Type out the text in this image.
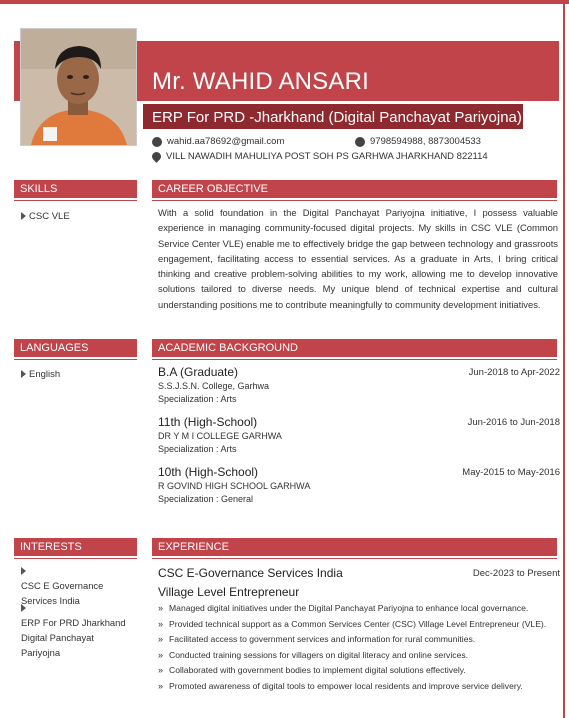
Mr. WAHID ANSARI
ERP For PRD -Jharkhand (Digital Panchayat Pariyojna)
wahid.aa78692@gmail.com	9798594988, 8873004533
VILL NAWADIH MAHULIYA POST SOH PS GARHWA JHARKHAND 822114
SKILLS
CSC VLE
CAREER OBJECTIVE
With a solid foundation in the Digital Panchayat Pariyojna initiative, I possess valuable experience in managing community-focused digital projects. My skills in CSC VLE (Common Service Center VLE) enable me to effectively bridge the gap between technology and grassroots engagement, facilitating access to essential services. As a graduate in Arts, I bring critical thinking and creative problem-solving abilities to my work, allowing me to develop innovative solutions tailored to diverse needs. My unique blend of technical expertise and cultural understanding positions me to contribute meaningfully to community development initiatives.
LANGUAGES
English
ACADEMIC BACKGROUND
B.A (Graduate)	Jun-2018 to Apr-2022
S.S.J.S.N. College, Garhwa
Specialization : Arts
11th (High-School)	Jun-2016 to Jun-2018
DR Y M I COLLEGE GARHWA
Specialization : Arts
10th (High-School)	May-2015 to May-2016
R GOVIND HIGH SCHOOL GARHWA
Specialization : General
INTERESTS

CSC E Governance
Services India

ERP For PRD Jharkhand
Digital Panchayat
Pariyojna
EXPERIENCE
CSC E-Governance Services India	Dec-2023 to Present
Village Level Entrepreneur
» Managed digital initiatives under the Digital Panchayat Pariyojna to enhance local governance.
» Provided technical support as a Common Services Center (CSC) Village Level Entrepreneur (VLE).
» Facilitated access to government services and information for rural communities.
» Conducted training sessions for villagers on digital literacy and online services.
» Collaborated with government bodies to implement digital solutions effectively.
» Promoted awareness of digital tools to empower local residents and improve service delivery.
